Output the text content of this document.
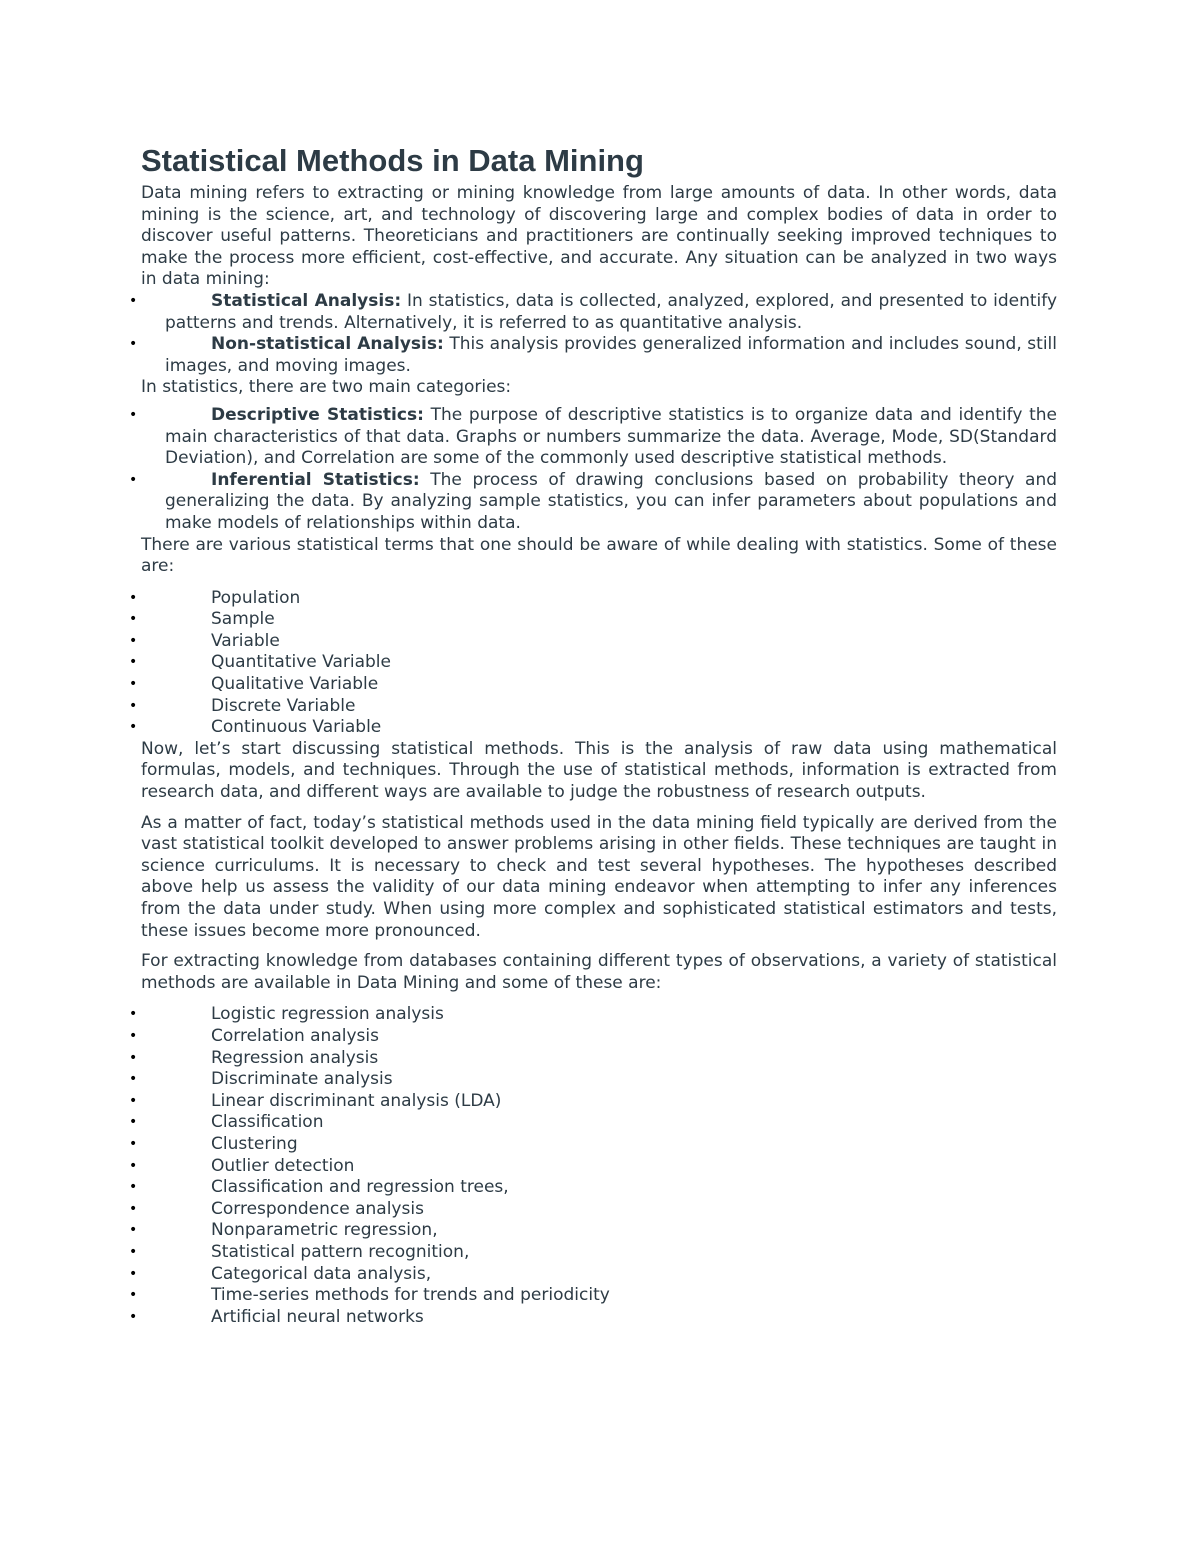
Statistical Methods in Data Mining

Data mining refers to extracting or mining knowledge from large amounts of data. In other words, data mining is the science, art, and technology of discovering large and complex bodies of data in order to discover useful patterns. Theoreticians and practitioners are continually seeking improved techniques to make the process more efficient, cost-effective, and accurate. Any situation can be analyzed in two ways in data mining:

•	Statistical Analysis: In statistics, data is collected, analyzed, explored, and presented to identify patterns and trends. Alternatively, it is referred to as quantitative analysis.
•	Non-statistical Analysis: This analysis provides generalized information and includes sound, still images, and moving images.

In statistics, there are two main categories:

•	Descriptive Statistics: The purpose of descriptive statistics is to organize data and identify the main characteristics of that data. Graphs or numbers summarize the data. Average, Mode, SD(Standard Deviation), and Correlation are some of the commonly used descriptive statistical methods.
•	Inferential Statistics: The process of drawing conclusions based on probability theory and generalizing the data. By analyzing sample statistics, you can infer parameters about populations and make models of relationships within data.

There are various statistical terms that one should be aware of while dealing with statistics. Some of these are:

•	Population
•	Sample
•	Variable
•	Quantitative Variable
•	Qualitative Variable
•	Discrete Variable
•	Continuous Variable

Now, let’s start discussing statistical methods. This is the analysis of raw data using mathematical formulas, models, and techniques. Through the use of statistical methods, information is extracted from research data, and different ways are available to judge the robustness of research outputs.

As a matter of fact, today’s statistical methods used in the data mining field typically are derived from the vast statistical toolkit developed to answer problems arising in other fields. These techniques are taught in science curriculums. It is necessary to check and test several hypotheses. The hypotheses described above help us assess the validity of our data mining endeavor when attempting to infer any inferences from the data under study. When using more complex and sophisticated statistical estimators and tests, these issues become more pronounced.

For extracting knowledge from databases containing different types of observations, a variety of statistical methods are available in Data Mining and some of these are:

•	Logistic regression analysis
•	Correlation analysis
•	Regression analysis
•	Discriminate analysis
•	Linear discriminant analysis (LDA)
•	Classification
•	Clustering
•	Outlier detection
•	Classification and regression trees,
•	Correspondence analysis
•	Nonparametric regression,
•	Statistical pattern recognition,
•	Categorical data analysis,
•	Time-series methods for trends and periodicity
•	Artificial neural networks
